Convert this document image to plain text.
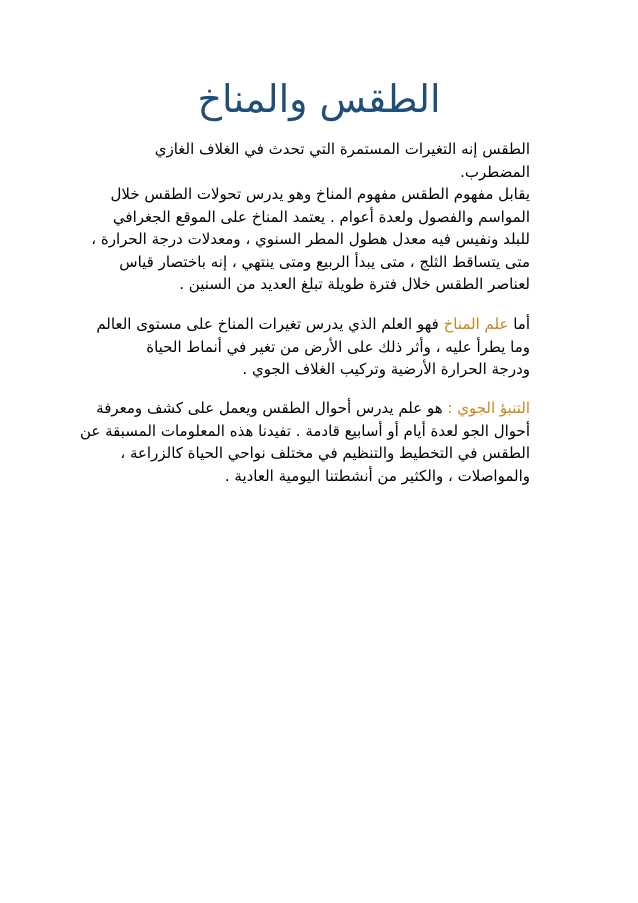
الطقس والمناخ

الطقس إنه التغيرات المستمرة التي تحدث في الغلاف الغازي
المضطرب.
يقابل مفهوم الطقس مفهوم المناخ وهو يدرس تحولات الطقس خلال
المواسم والفصول ولعدة أعوام . يعتمد المناخ على الموقع الجغرافي
للبلد ونفيس فيه معدل هطول المطر السنوي ، ومعدلات درجة الحرارة ،
متى يتساقط الثلج ، متى يبدأ الربيع ومتى ينتهي ، إنه باختصار قياس
لعناصر الطقس خلال فترة طويلة تبلغ العديد من السنين .

أما علم المناخ فهو العلم الذي يدرس تغيرات المناخ على مستوى العالم
وما يطرأ عليه ، وأثر ذلك على الأرض من تغير في أنماط الحياة
ودرجة الحرارة الأرضية وتركيب الغلاف الجوي .

التنبؤ الجوي : هو علم يدرس أحوال الطقس ويعمل على كشف ومعرفة
أحوال الجو لعدة أيام أو أسابيع قادمة . تفيدنا هذه المعلومات المسبقة عن
الطقس في التخطيط والتنظيم في مختلف نواحي الحياة كالزراعة ،
والمواصلات ، والكثير من أنشطتنا اليومية العادية .
